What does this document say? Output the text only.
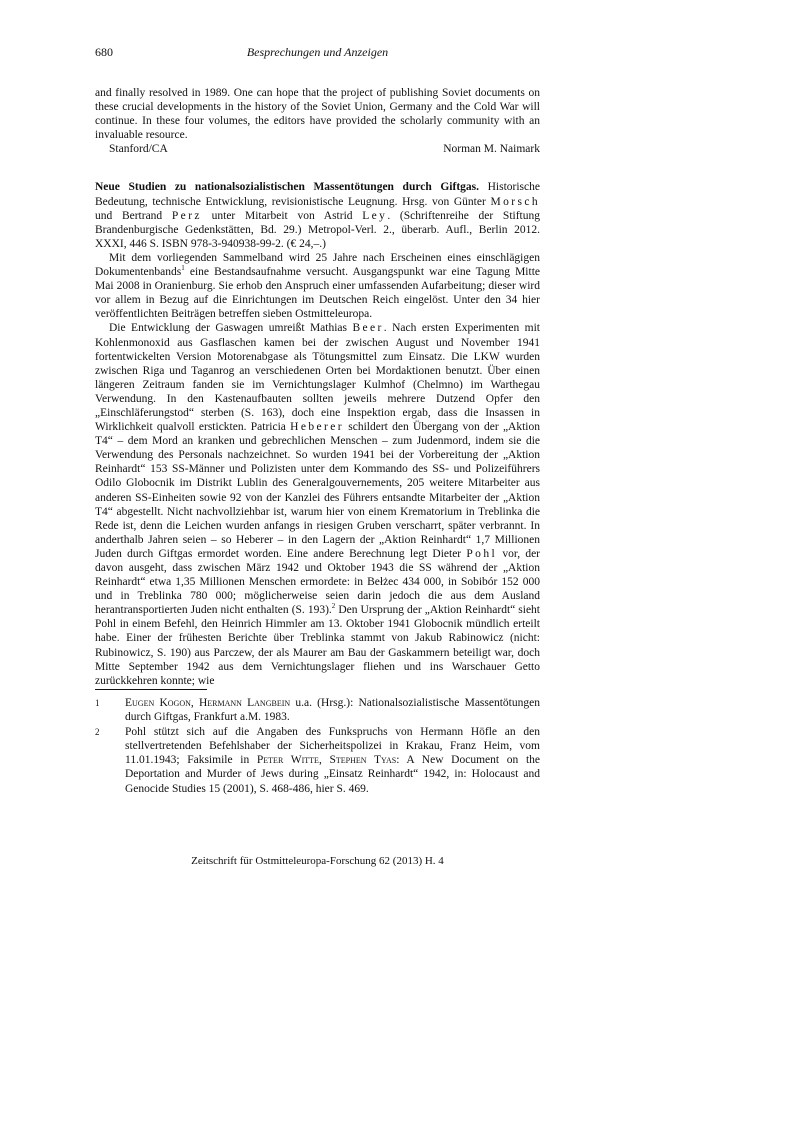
680	Besprechungen und Anzeigen

and finally resolved in 1989. One can hope that the project of publishing Soviet documents on these crucial developments in the history of the Soviet Union, Germany and the Cold War will continue. In these four volumes, the editors have provided the scholarly community with an invaluable resource.

Stanford/CA	Norman M. Naimark

Neue Studien zu nationalsozialistischen Massentötungen durch Giftgas. Historische Bedeutung, technische Entwicklung, revisionistische Leugnung. Hrsg. von Günter Morsch und Bertrand Perz unter Mitarbeit von Astrid Ley. (Schriftenreihe der Stiftung Brandenburgische Gedenkstätten, Bd. 29.) Metropol-Verl. 2., überarb. Aufl., Berlin 2012. XXXI, 446 S. ISBN 978-3-940938-99-2. (€ 24,–.)

Mit dem vorliegenden Sammelband wird 25 Jahre nach Erscheinen eines einschlägigen Dokumentenbands$^1$ eine Bestandsaufnahme versucht. Ausgangspunkt war eine Tagung Mitte Mai 2008 in Oranienburg. Sie erhob den Anspruch einer umfassenden Aufarbeitung; dieser wird vor allem in Bezug auf die Einrichtungen im Deutschen Reich eingelöst. Unter den 34 hier veröffentlichten Beiträgen betreffen sieben Ostmitteleuropa.

Die Entwicklung der Gaswagen umreißt Mathias Beer. Nach ersten Experimenten mit Kohlenmonoxid aus Gasflaschen kamen bei der zwischen August und November 1941 fortentwickelten Version Motorenabgase als Tötungsmittel zum Einsatz. Die LKW wurden zwischen Riga und Taganrog an verschiedenen Orten bei Mordaktionen benutzt. Über einen längeren Zeitraum fanden sie im Vernichtungslager Kulmhof (Chelmno) im Warthegau Verwendung. In den Kastenaufbauten sollten jeweils mehrere Dutzend Opfer den „Einschläferungstod“ sterben (S. 163), doch eine Inspektion ergab, dass die Insassen in Wirklichkeit qualvoll erstickten. Patricia Heberer schildert den Übergang von der „Aktion T4“ – dem Mord an kranken und gebrechlichen Menschen – zum Judenmord, indem sie die Verwendung des Personals nachzeichnet. So wurden 1941 bei der Vorbereitung der „Aktion Reinhardt“ 153 SS-Männer und Polizisten unter dem Kommando des SS- und Polizeiführers Odilo Globocnik im Distrikt Lublin des Generalgouvernements, 205 weitere Mitarbeiter aus anderen SS-Einheiten sowie 92 von der Kanzlei des Führers entsandte Mitarbeiter der „Aktion T4“ abgestellt. Nicht nachvollziehbar ist, warum hier von einem Krematorium in Treblinka die Rede ist, denn die Leichen wurden anfangs in riesigen Gruben verscharrt, später verbrannt. In anderthalb Jahren seien – so Heberer – in den Lagern der „Aktion Reinhardt“ 1,7 Millionen Juden durch Giftgas ermordet worden. Eine andere Berechnung legt Dieter Pohl vor, der davon ausgeht, dass zwischen März 1942 und Oktober 1943 die SS während der „Aktion Reinhardt“ etwa 1,35 Millionen Menschen ermordete: in Bełżec 434 000, in Sobibór 152 000 und in Treblinka 780 000; möglicherweise seien darin jedoch die aus dem Ausland herantransportierten Juden nicht enthalten (S. 193).$^2$ Den Ursprung der „Aktion Reinhardt“ sieht Pohl in einem Befehl, den Heinrich Himmler am 13. Oktober 1941 Globocnik mündlich erteilt habe. Einer der frühesten Berichte über Treblinka stammt von Jakub Rabinowicz (nicht: Rubinowicz, S. 190) aus Parczew, der als Maurer am Bau der Gaskammern beteiligt war, doch Mitte September 1942 aus dem Vernichtungslager fliehen und ins Warschauer Getto zurückkehren konnte; wie

1 Eugen Kogon, Hermann Langbein u.a. (Hrsg.): Nationalsozialistische Massentötungen durch Giftgas, Frankfurt a.M. 1983.
2 Pohl stützt sich auf die Angaben des Funkspruchs von Hermann Höfle an den stellvertretenden Befehlshaber der Sicherheitspolizei in Krakau, Franz Heim, vom 11.01.1943; Faksimile in Peter Witte, Stephen Tyas: A New Document on the Deportation and Murder of Jews during „Einsatz Reinhardt“ 1942, in: Holocaust and Genocide Studies 15 (2001), S. 468-486, hier S. 469.
Zeitschrift für Ostmitteleuropa-Forschung 62 (2013) H. 4
